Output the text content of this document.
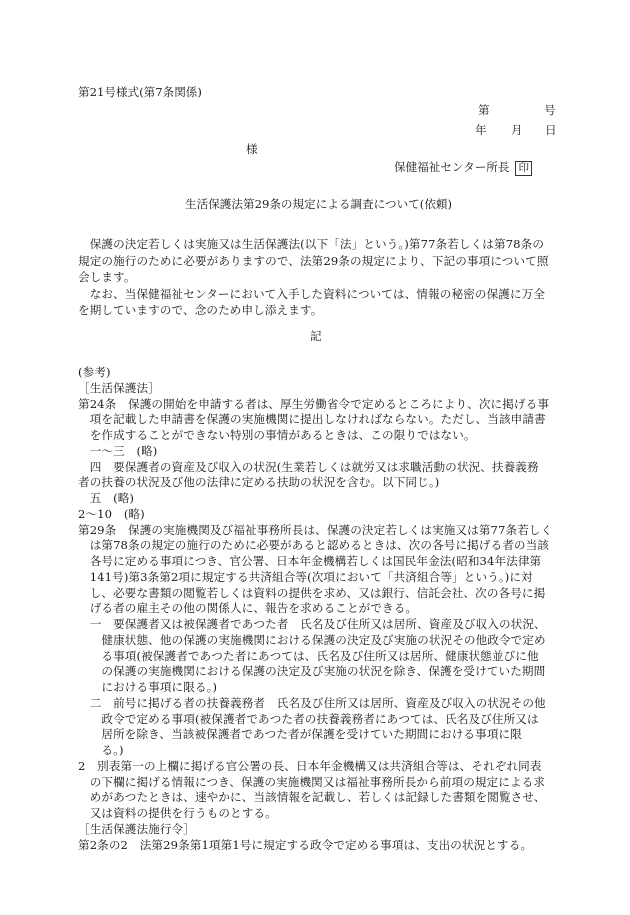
第21号様式(第7条関係)
第	号
年 月 日
様
保健福祉センター所長 印
生活保護法第29条の規定による調査について(依頼)
　保護の決定若しくは実施又は生活保護法(以下「法」という。)第77条若しくは第78条の
規定の施行のために必要がありますので、法第29条の規定により、下記の事項について照
会します。
　なお、当保健福祉センターにおいて入手した資料については、情報の秘密の保護に万全
を期していますので、念のため申し添えます。
記
(参考)
［生活保護法］
第24条　保護の開始を申請する者は、厚生労働省令で定めるところにより、次に掲げる事
　項を記載した申請書を保護の実施機関に提出しなければならない。ただし、当該申請書
　を作成することができない特別の事情があるときは、この限りではない。
　一〜三　(略)
　四　要保護者の資産及び収入の状況(生業若しくは就労又は求職活動の状況、扶養義務
者の扶養の状況及び他の法律に定める扶助の状況を含む。以下同じ。)
　五　(略)
2〜10　(略)
第29条　保護の実施機関及び福祉事務所長は、保護の決定若しくは実施又は第77条若しく
　は第78条の規定の施行のために必要があると認めるときは、次の各号に掲げる者の当該
　各号に定める事項につき、官公署、日本年金機構若しくは国民年金法(昭和34年法律第
　141号)第3条第2項に規定する共済組合等(次項において「共済組合等」という。)に対
　し、必要な書類の閲覧若しくは資料の提供を求め、又は銀行、信託会社、次の各号に掲
　げる者の雇主その他の関係人に、報告を求めることができる。
　一　要保護者又は被保護者であつた者　氏名及び住所又は居所、資産及び収入の状況、
　　健康状態、他の保護の実施機関における保護の決定及び実施の状況その他政令で定め
　　る事項(被保護者であつた者にあつては、氏名及び住所又は居所、健康状態並びに他
　　の保護の実施機関における保護の決定及び実施の状況を除き、保護を受けていた期間
　　における事項に限る。)
　二　前号に掲げる者の扶養義務者　氏名及び住所又は居所、資産及び収入の状況その他
　　政令で定める事項(被保護者であつた者の扶養義務者にあつては、氏名及び住所又は
　　居所を除き、当該被保護者であつた者が保護を受けていた期間における事項に限
　　る。)
2　別表第一の上欄に掲げる官公署の長、日本年金機構又は共済組合等は、それぞれ同表
　の下欄に掲げる情報につき、保護の実施機関又は福祉事務所長から前項の規定による求
　めがあつたときは、速やかに、当該情報を記載し、若しくは記録した書類を閲覧させ、
　又は資料の提供を行うものとする。
［生活保護法施行令］
第2条の2　法第29条第1項第1号に規定する政令で定める事項は、支出の状況とする。
